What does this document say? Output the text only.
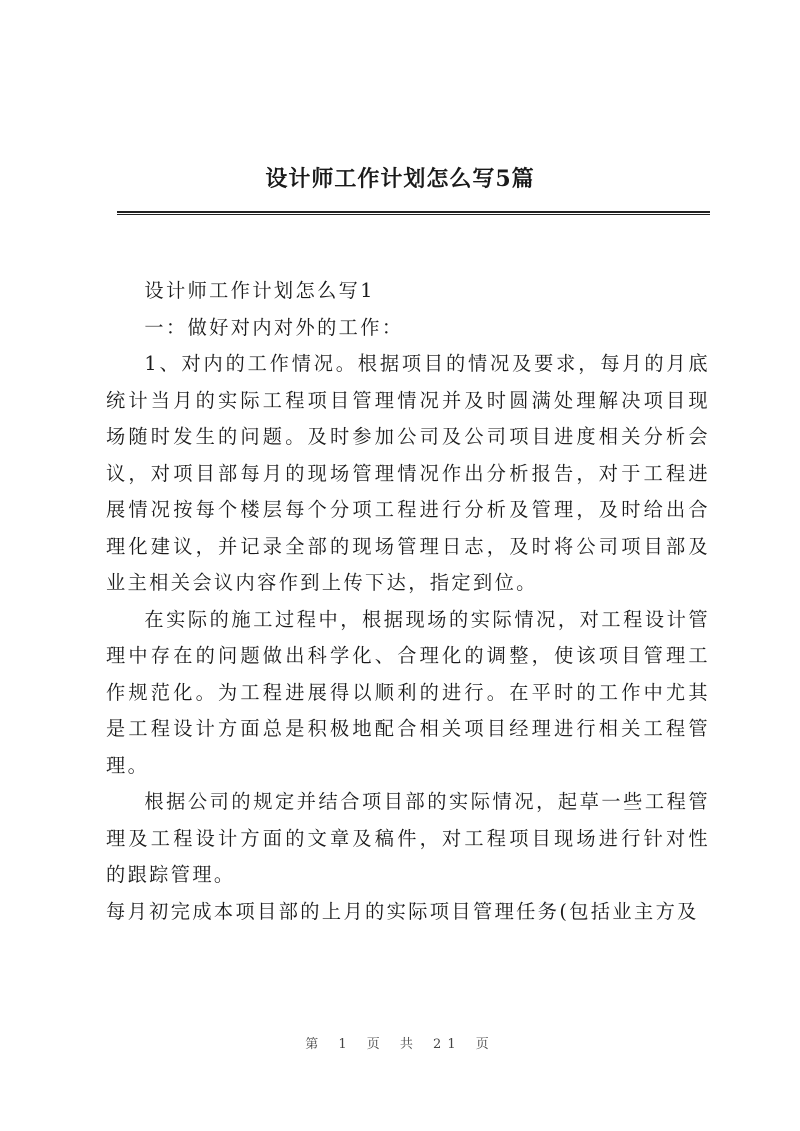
设计师工作计划怎么写5篇

设计师工作计划怎么写1

一：做好对内对外的工作：

1、对内的工作情况。根据项目的情况及要求，每月的月底统计当月的实际工程项目管理情况并及时圆满处理解决项目现场随时发生的问题。及时参加公司及公司项目进度相关分析会议，对项目部每月的现场管理情况作出分析报告，对于工程进展情况按每个楼层每个分项工程进行分析及管理，及时给出合理化建议，并记录全部的现场管理日志，及时将公司项目部及业主相关会议内容作到上传下达，指定到位。

在实际的施工过程中，根据现场的实际情况，对工程设计管理中存在的问题做出科学化、合理化的调整，使该项目管理工作规范化。为工程进展得以顺利的进行。在平时的工作中尤其是工程设计方面总是积极地配合相关项目经理进行相关工程管理。

根据公司的规定并结合项目部的实际情况，起草一些工程管理及工程设计方面的文章及稿件，对工程项目现场进行针对性的跟踪管理。

每月初完成本项目部的上月的实际项目管理任务(包括业主方及

第 1 页 共 21 页
